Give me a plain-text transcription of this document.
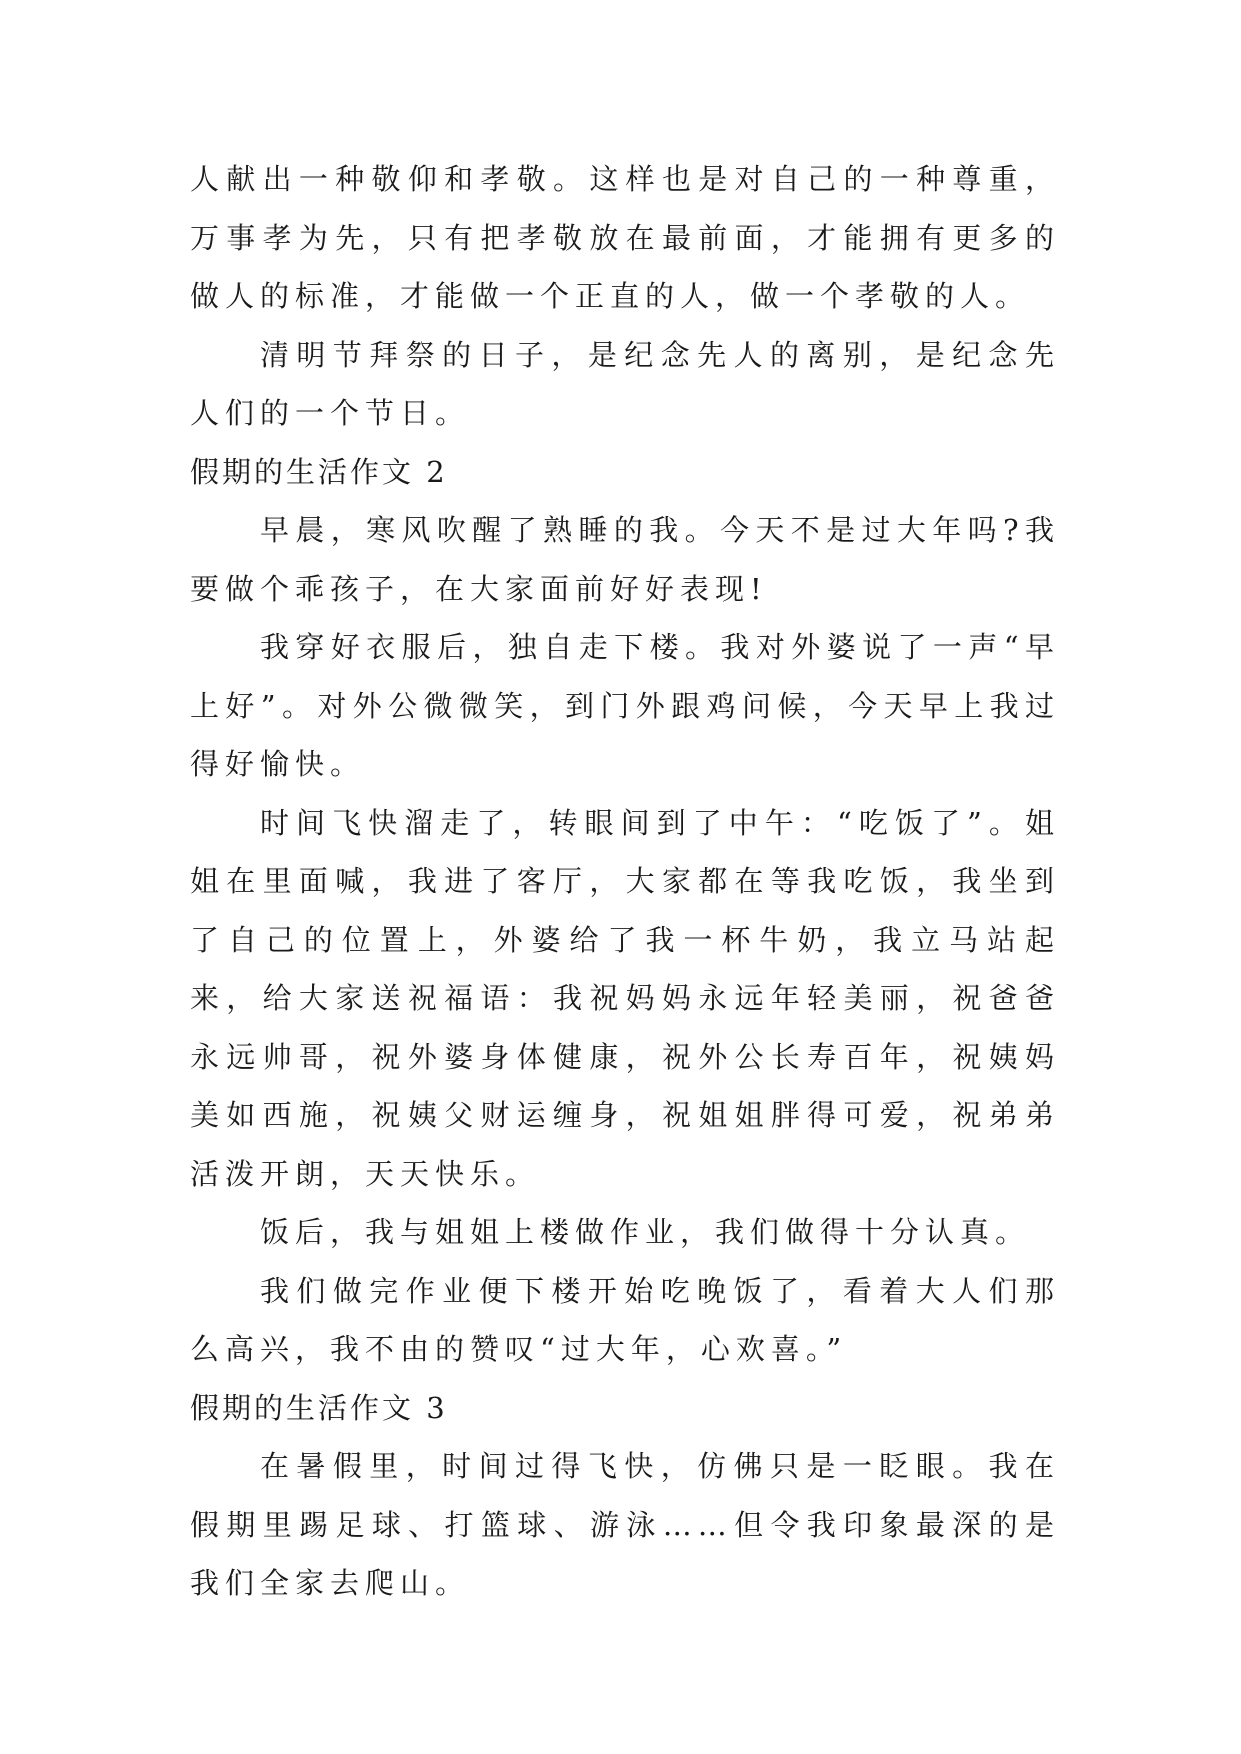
人献出一种敬仰和孝敬。这样也是对自己的一种尊重，万事孝为先，只有把孝敬放在最前面，才能拥有更多的做人的标准，才能做一个正直的人，做一个孝敬的人。

清明节拜祭的日子，是纪念先人的离别，是纪念先人们的一个节日。

假期的生活作文 2

早晨，寒风吹醒了熟睡的我。今天不是过大年吗?我要做个乖孩子，在大家面前好好表现!

我穿好衣服后，独自走下楼。我对外婆说了一声“早上好”。对外公微微笑，到门外跟鸡问候，今天早上我过得好愉快。

时间飞快溜走了，转眼间到了中午：“吃饭了”。姐姐在里面喊，我进了客厅，大家都在等我吃饭，我坐到了自己的位置上，外婆给了我一杯牛奶，我立马站起来，给大家送祝福语：我祝妈妈永远年轻美丽，祝爸爸永远帅哥，祝外婆身体健康，祝外公长寿百年，祝姨妈美如西施，祝姨父财运缠身，祝姐姐胖得可爱，祝弟弟活泼开朗，天天快乐。

饭后，我与姐姐上楼做作业，我们做得十分认真。

我们做完作业便下楼开始吃晚饭了，看着大人们那么高兴，我不由的赞叹“过大年，心欢喜。”

假期的生活作文 3

在暑假里，时间过得飞快，仿佛只是一眨眼。我在假期里踢足球、打篮球、游泳……但令我印象最深的是我们全家去爬山。
